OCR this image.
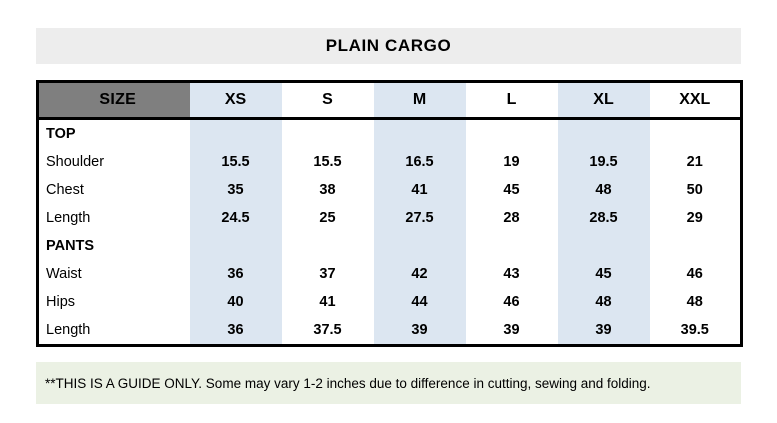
PLAIN CARGO
SIZE	XS	S	M	L	XL	XXL
TOP						
Shoulder	15.5	15.5	16.5	19	19.5	21
Chest	35	38	41	45	48	50
Length	24.5	25	27.5	28	28.5	29
PANTS						
Waist	36	37	42	43	45	46
Hips	40	41	44	46	48	48
Length	36	37.5	39	39	39	39.5
**THIS IS A GUIDE ONLY. Some may vary 1-2 inches due to difference in cutting, sewing and folding.
